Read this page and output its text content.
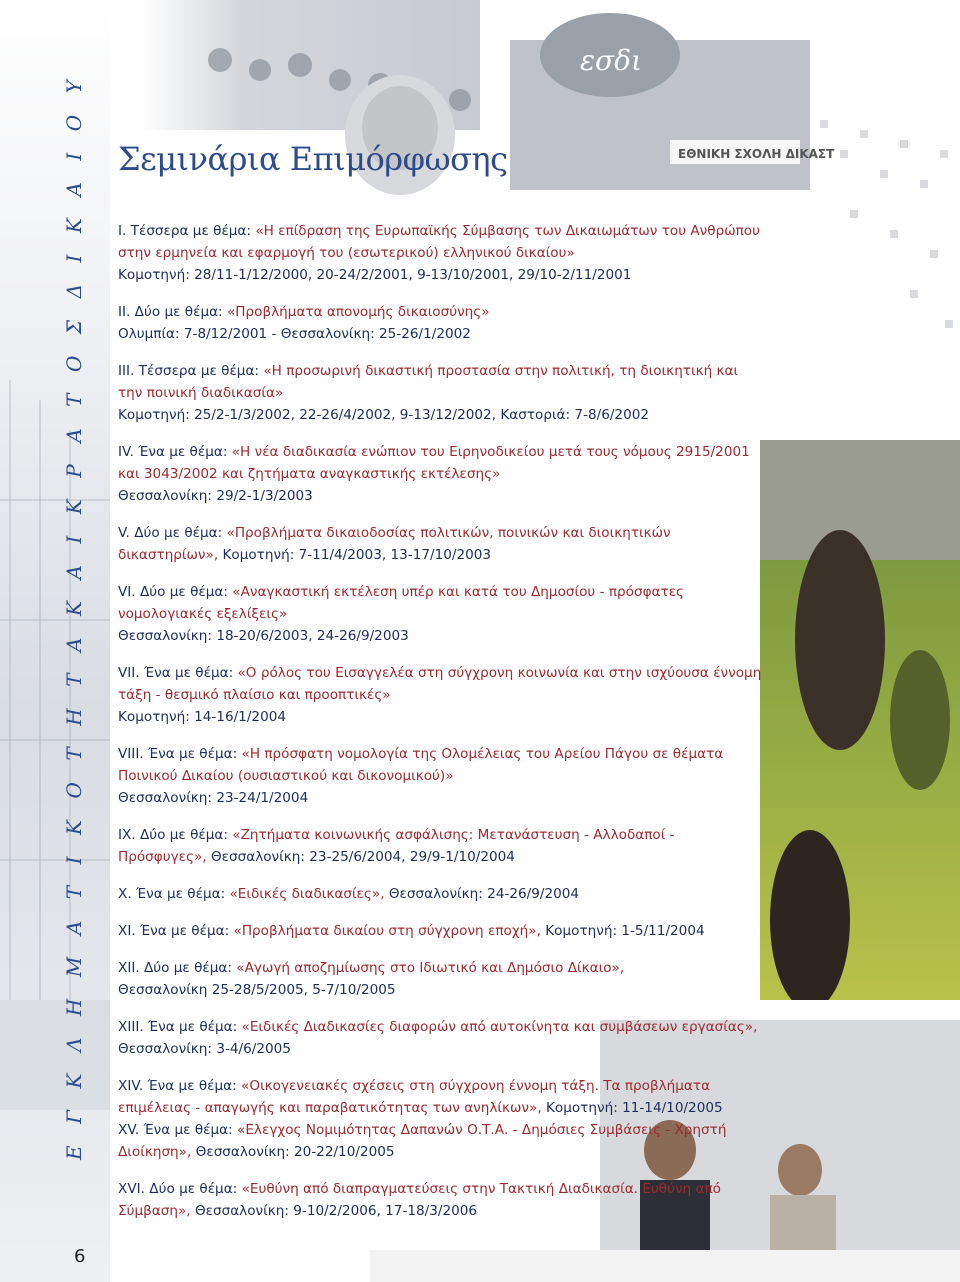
ΕΘΝΙΚΗ ΣΧΟΛΗ ΔΙΚΑΣΤ
εσδι
Ε
Γ
Κ
Λ
Η
Μ
Α
Τ
Ι
Κ
Ο
Τ
Η
Τ
Α
Κ
Α
Ι
Κ
Ρ
Α
Τ
Ο
Σ
Δ
Ι
Κ
Α
Ι
Ο
Υ
6
Σεμινάρια Επιμόρφωσης

Ι. Τέσσερα με θέμα: «Η επίδραση της Ευρωπαϊκής Σύμβασης των Δικαιωμάτων του Ανθρώπου στην ερμηνεία και εφαρμογή του (εσωτερικού) ελληνικού δικαίου»
Κομοτηνή: 28/11-1/12/2000, 20-24/2/2001, 9-13/10/2001, 29/10-2/11/2001

ΙΙ. Δύο με θέμα: «Προβλήματα απονομής δικαιοσύνης»
Ολυμπία: 7-8/12/2001 - Θεσσαλονίκη: 25-26/1/2002

ΙΙΙ. Τέσσερα με θέμα: «Η προσωρινή δικαστική προστασία στην πολιτική, τη διοικητική και την ποινική διαδικασία»
Κομοτηνή: 25/2-1/3/2002, 22-26/4/2002, 9-13/12/2002, Καστοριά: 7-8/6/2002

IV. Ένα με θέμα: «Η νέα διαδικασία ενώπιον του Ειρηνοδικείου μετά τους νόμους 2915/2001 και 3043/2002 και ζητήματα αναγκαστικής εκτέλεσης»
Θεσσαλονίκη: 29/2-1/3/2003

V. Δύο με θέμα: «Προβλήματα δικαιοδοσίας πολιτικών, ποινικών και διοικητικών δικαστηρίων», Κομοτηνή: 7-11/4/2003, 13-17/10/2003

VI. Δύο με θέμα: «Αναγκαστική εκτέλεση υπέρ και κατά του Δημοσίου - πρόσφατες νομολογιακές εξελίξεις»
Θεσσαλονίκη: 18-20/6/2003, 24-26/9/2003

VII. Ένα με θέμα: «Ο ρόλος του Εισαγγελέα στη σύγχρονη κοινωνία και στην ισχύουσα έννομη τάξη - θεσμικό πλαίσιο και προοπτικές»
Κομοτηνή: 14-16/1/2004

VIII. Ένα με θέμα: «Η πρόσφατη νομολογία της Ολομέλειας του Αρείου Πάγου σε θέματα Ποινικού Δικαίου (ουσιαστικού και δικονομικού)»
Θεσσαλονίκη: 23-24/1/2004

IX. Δύο με θέμα: «Ζητήματα κοινωνικής ασφάλισης: Μετανάστευση - Αλλοδαποί - Πρόσφυγες», Θεσσαλονίκη: 23-25/6/2004, 29/9-1/10/2004

X. Ένα με θέμα: «Ειδικές διαδικασίες», Θεσσαλονίκη: 24-26/9/2004

XI. Ένα με θέμα: «Προβλήματα δικαίου στη σύγχρονη εποχή», Κομοτηνή: 1-5/11/2004

XII. Δύο με θέμα: «Αγωγή αποζημίωσης στο Ιδιωτικό και Δημόσιο Δίκαιο»,
Θεσσαλονίκη 25-28/5/2005, 5-7/10/2005

XIII. Ένα με θέμα: «Ειδικές Διαδικασίες διαφορών από αυτοκίνητα και συμβάσεων εργασίας», Θεσσαλονίκη: 3-4/6/2005

XIV. Ένα με θέμα: «Οικογενειακές σχέσεις στη σύγχρονη έννομη τάξη. Τα προβλήματα επιμέλειας - απαγωγής και παραβατικότητας των ανηλίκων», Κομοτηνή: 11-14/10/2005

XV. Ένα με θέμα: «Ελεγχος Νομιμότητας Δαπανών Ο.Τ.Α. - Δημόσιες Συμβάσεις - Χρηστή Διοίκηση», Θεσσαλονίκη: 20-22/10/2005

XVI. Δύο με θέμα: «Ευθύνη από διαπραγματεύσεις στην Τακτική Διαδικασία. Ευθύνη από Σύμβαση», Θεσσαλονίκη: 9-10/2/2006, 17-18/3/2006
